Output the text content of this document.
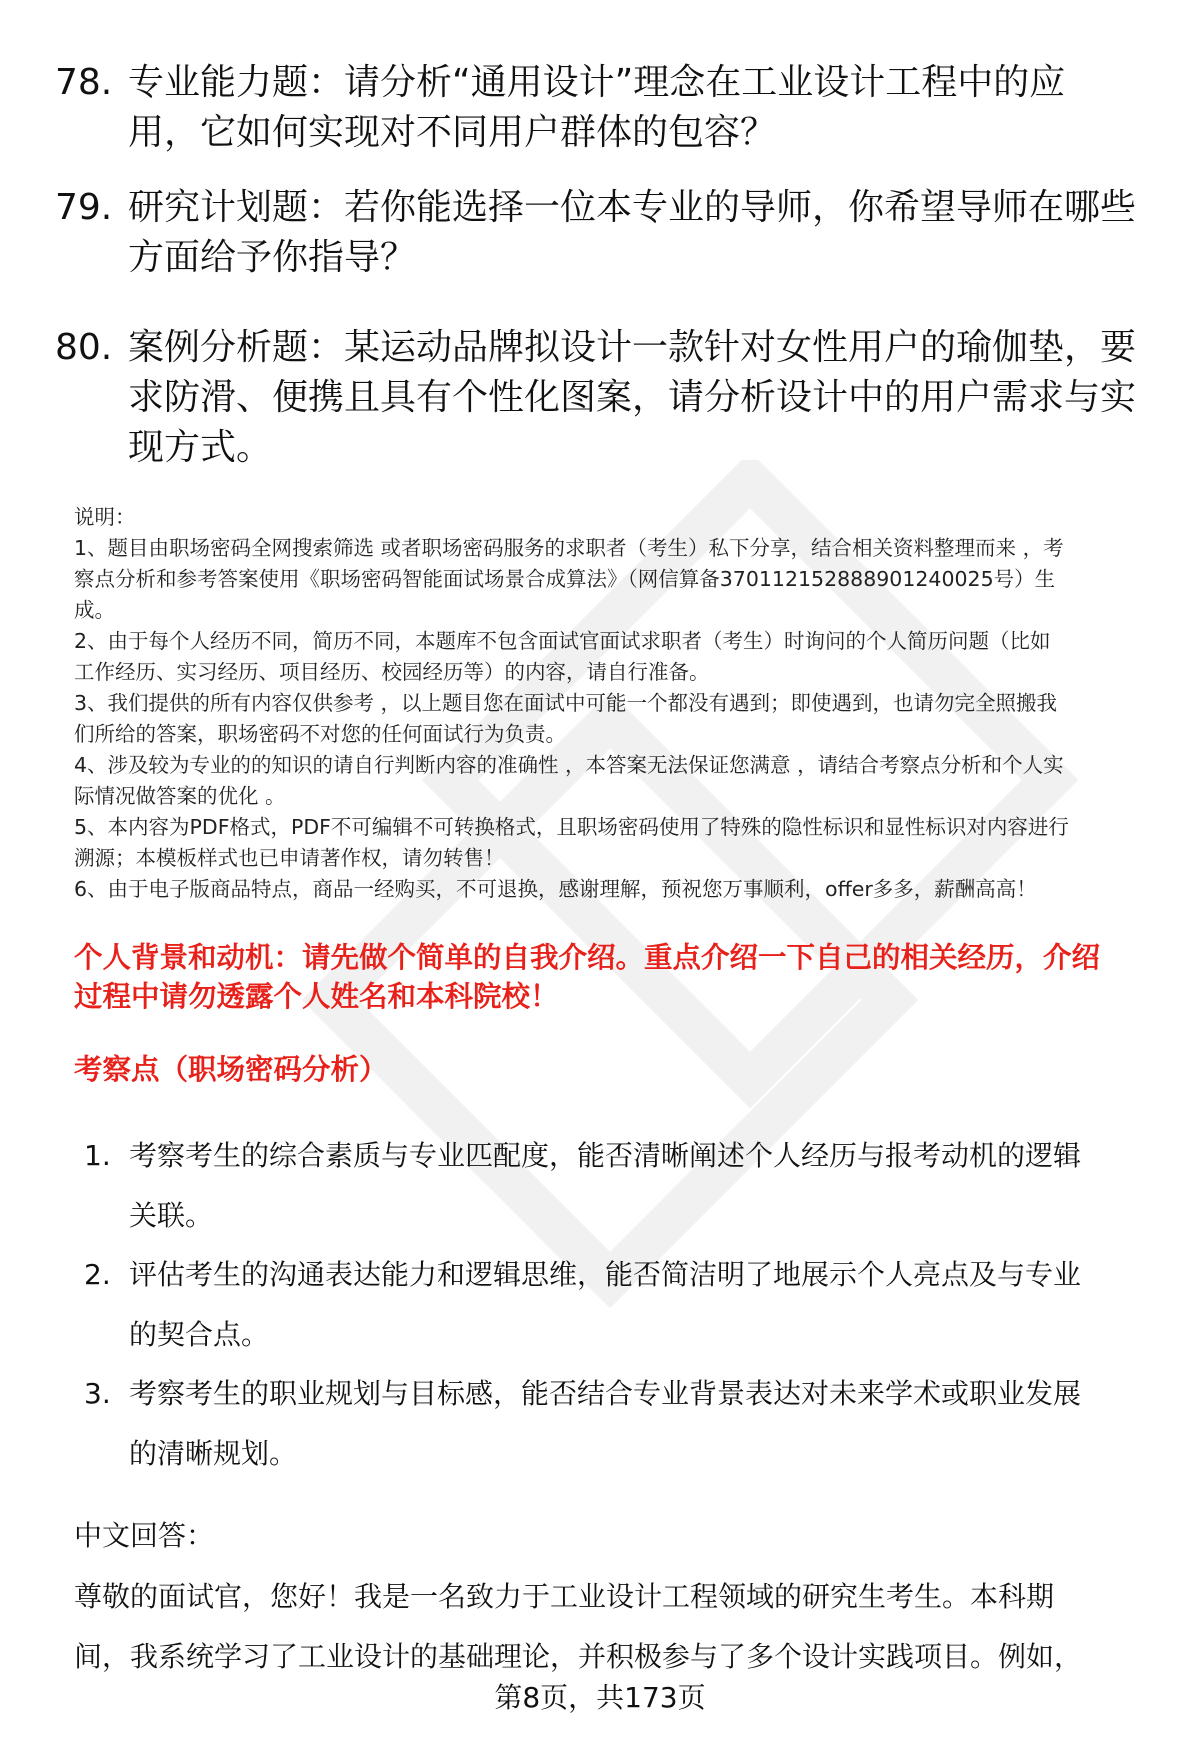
78. 专业能力题：请分析“通用设计”理念在工业设计工程中的应
用，它如何实现对不同用户群体的包容？
79. 研究计划题：若你能选择一位本专业的导师，你希望导师在哪些
方面给予你指导？
80. 案例分析题：某运动品牌拟设计一款针对女性用户的瑜伽垫，要
求防滑、便携且具有个性化图案，请分析设计中的用户需求与实
现方式。
说明：
1、题目由职场密码全网搜索筛选 或者职场密码服务的求职者（考生）私下分享，结合相关资料整理而来 ，考
察点分析和参考答案使用《职场密码智能面试场景合成算法》（网信算备370112152888901240025号）生
成。
2、由于每个人经历不同，简历不同，本题库不包含面试官面试求职者（考生）时询问的个人简历问题（比如
工作经历、实习经历、项目经历、校园经历等）的内容，请自行准备。
3、我们提供的所有内容仅供参考 ，以上题目您在面试中可能一个都没有遇到；即使遇到，也请勿完全照搬我
们所给的答案，职场密码不对您的任何面试行为负责。
4、涉及较为专业的的知识的请自行判断内容的准确性 ，本答案无法保证您满意 ，请结合考察点分析和个人实
际情况做答案的优化 。
5、本内容为PDF格式，PDF不可编辑不可转换格式，且职场密码使用了特殊的隐性标识和显性标识对内容进行
溯源；本模板样式也已申请著作权，请勿转售！
6、由于电子版商品特点，商品一经购买，不可退换，感谢理解，预祝您万事顺利，offer多多，薪酬高高！
个人背景和动机：请先做个简单的自我介绍。重点介绍一下自己的相关经历，介绍
过程中请勿透露个人姓名和本科院校！
考察点（职场密码分析）
1. 考察考生的综合素质与专业匹配度，能否清晰阐述个人经历与报考动机的逻辑
关联。
2. 评估考生的沟通表达能力和逻辑思维，能否简洁明了地展示个人亮点及与专业
的契合点。
3. 考察考生的职业规划与目标感，能否结合专业背景表达对未来学术或职业发展
的清晰规划。
中文回答：
尊敬的面试官，您好！我是一名致力于工业设计工程领域的研究生考生。本科期
间，我系统学习了工业设计的基础理论，并积极参与了多个设计实践项目。例如，
第8页，共173页
